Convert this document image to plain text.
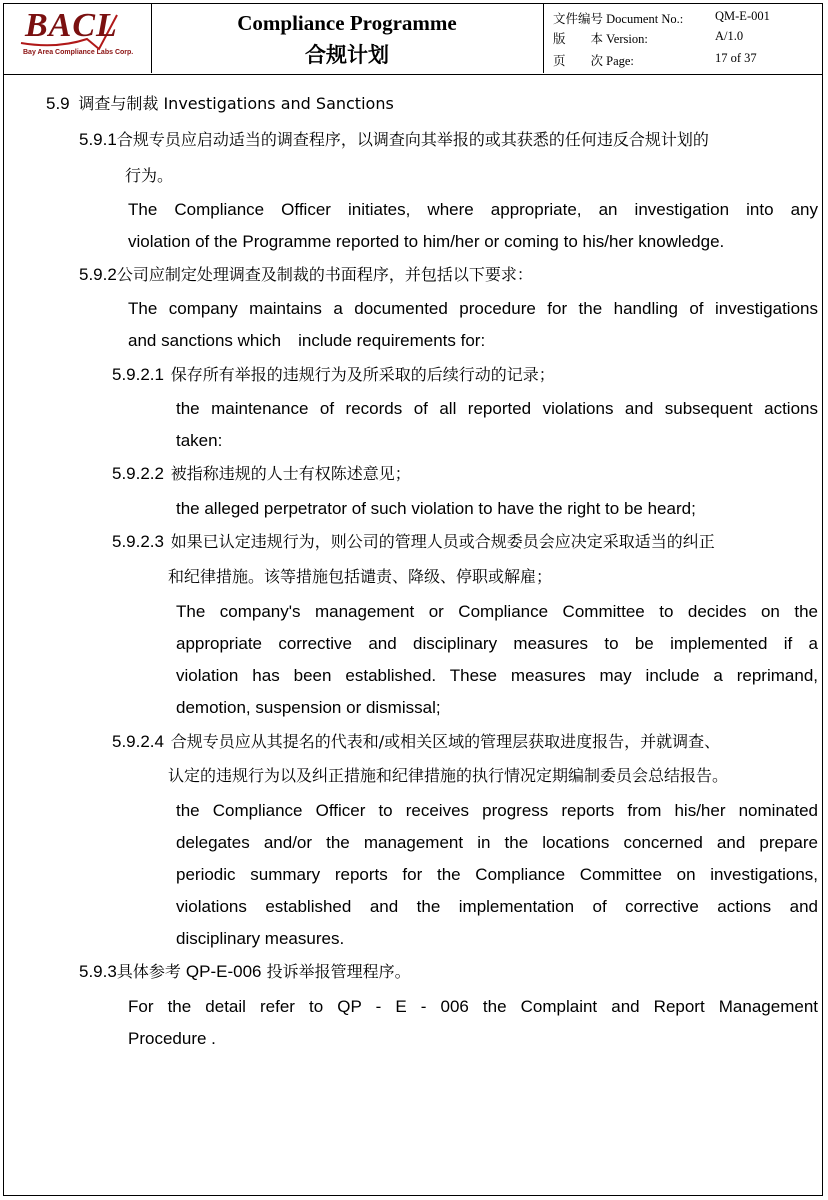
BACL
Bay Area Compliance Labs Corp.
Compliance Programme
合规计划
文件编号 Document No.:	QM-E-001
版　　本 Version:	A/1.0
页　　次 Page:	17 of 37
5.9 调查与制裁 Investigations and Sanctions
5.9.1合规专员应启动适当的调查程序，以调查向其举报的或其获悉的任何违反合规计划的
行为。
The Compliance Officer initiates, where appropriate, an investigation into any
violation of the Programme reported to him/her or coming to his/her knowledge.
5.9.2公司应制定处理调查及制裁的书面程序，并包括以下要求：
The company maintains a documented procedure for the handling of investigations
and sanctions which　include requirements for:
5.9.2.1 保存所有举报的违规行为及所采取的后续行动的记录；
the maintenance of records of all reported violations and subsequent actions
taken:
5.9.2.2 被指称违规的人士有权陈述意见；
the alleged perpetrator of such violation to have the right to be heard;
5.9.2.3 如果已认定违规行为，则公司的管理人员或合规委员会应决定采取适当的纠正
和纪律措施。该等措施包括谴责、降级、停职或解雇；
The company's management or Compliance Committee to decides on the
appropriate corrective and disciplinary measures to be implemented if a
violation has been established. These measures may include a reprimand,
demotion, suspension or dismissal;
5.9.2.4 合规专员应从其提名的代表和/或相关区域的管理层获取进度报告，并就调查、
认定的违规行为以及纠正措施和纪律措施的执行情况定期编制委员会总结报告。
the Compliance Officer to receives progress reports from his/her nominated
delegates and/or the management in the locations concerned and prepare
periodic summary reports for the Compliance Committee on investigations,
violations established and the implementation of corrective actions and
disciplinary measures.
5.9.3具体参考 QP-E-006 投诉举报管理程序。
For the detail refer to QP - E - 006 the Complaint and Report Management
Procedure .
